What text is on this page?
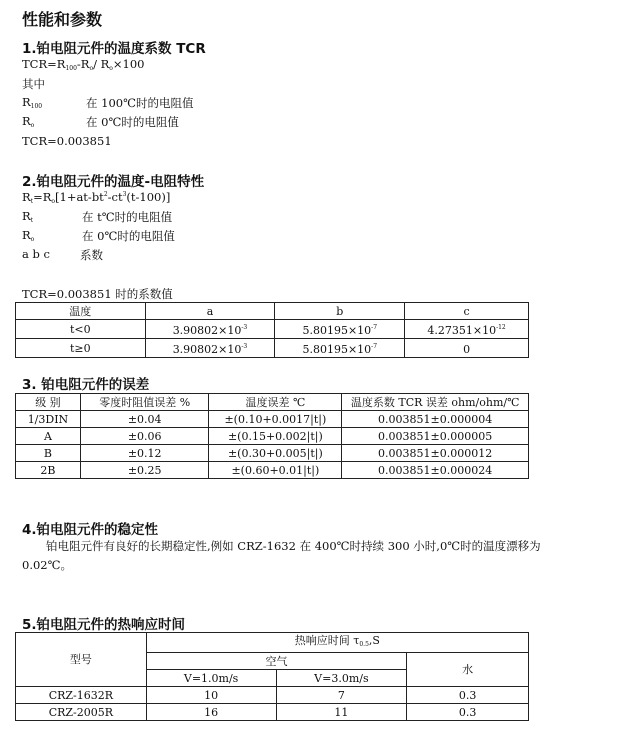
性能和参数
1.铂电阻元件的温度系数 TCR
$TCR=R_{100}-R_o/$ $R_o\times 100$
其中
$R_{100}$	在 100℃时的电阻值
$R_o$	在 0℃时的电阻值
TCR=0.003851
2.铂电阻元件的温度-电阻特性
$R_t=R_o[1+at-bt^2-ct^3(t-100)]$
$R_t$	在 t℃时的电阻值
$R_o$	在 0℃时的电阻值
a b c	系数
TCR=0.003851 时的系数值
温度	a	b	c
t<0	$3.90802\times 10^{-3}$	$5.80195\times 10^{-7}$	$4.27351\times 10^{-12}$
t≥0	$3.90802\times 10^{-3}$	$5.80195\times 10^{-7}$	0
3. 铂电阻元件的误差
级 别	零度时阻值误差 %	温度误差 ℃	温度系数 TCR 误差 ohm/ohm/℃
1/3DIN	±0.04	±(0.10+0.0017|t|)	0.003851±0.000004
A	±0.06	±(0.15+0.002|t|)	0.003851±0.000005
B	±0.12	±(0.30+0.005|t|)	0.003851±0.000012
2B	±0.25	±(0.60+0.01|t|)	0.003851±0.000024
4.铂电阻元件的稳定性
铂电阻元件有良好的长期稳定性,例如 CRZ-1632 在 400℃时持续 300 小时,0℃时的温度漂移为 0.02℃。
5.铂电阻元件的热响应时间
型号	热响应时间 $\tau_{0.5},S$		
	空气		水
	V=1.0m/s	V=3.0m/s	
CRZ-1632R	10	7	0.3
CRZ-2005R	16	11	0.3
